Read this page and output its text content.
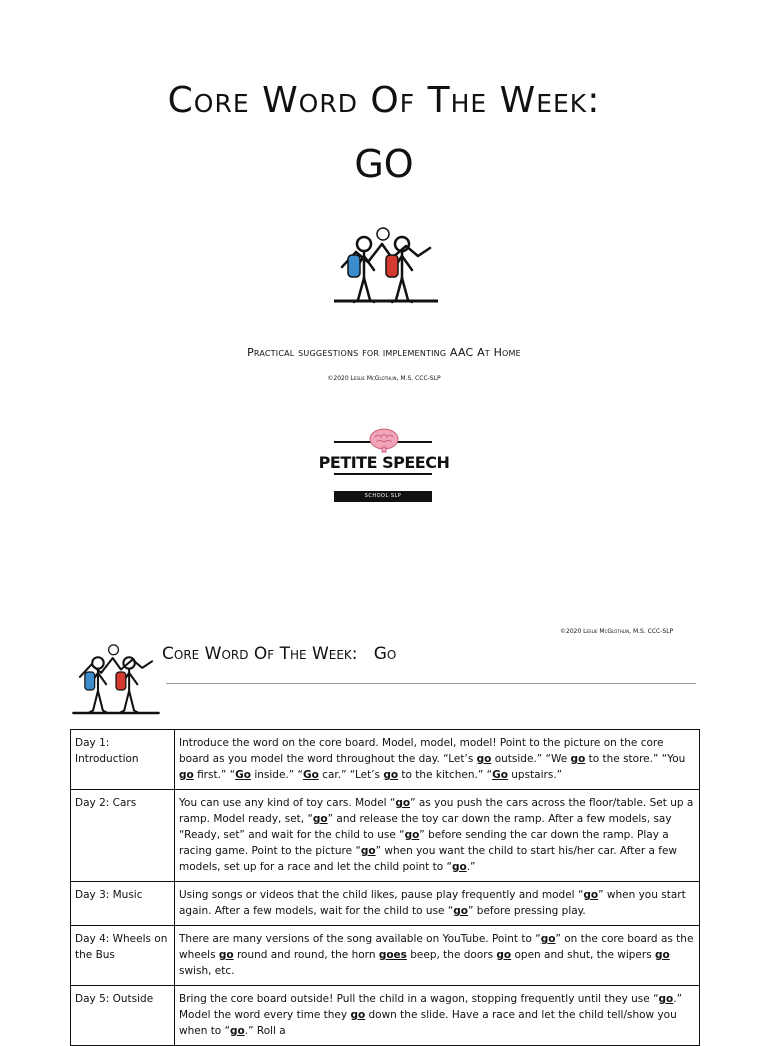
Core Word Of The Week:
GO
Practical suggestions for implementing AAC At Home
©2020 Leslie McGlothlin, M.S. CCC-SLP
PETITE SPEECH
SCHOOL SLP
©2020 Leslie McGlothlin, M.S. CCC-SLP
Core Word Of The Week:   Go
Day 1: Introduction	Introduce the word on the core board. Model, model, model! Point to the picture on the core board as you model the word throughout the day. “Let’s go outside.” “We go to the store.” “You go first.” “Go inside.” “Go car.” “Let’s go to the kitchen.” “Go upstairs.”
Day 2: Cars	You can use any kind of toy cars. Model “go” as you push the cars across the floor/table. Set up a ramp. Model ready, set, “go” and release the toy car down the ramp. After a few models, say “Ready, set” and wait for the child to use “go” before sending the car down the ramp. Play a racing game. Point to the picture “go” when you want the child to start his/her car. After a few models, set up for a race and let the child point to “go.”
Day 3: Music	Using songs or videos that the child likes, pause play frequently and model “go” when you start again. After a few models, wait for the child to use “go” before pressing play.
Day 4: Wheels on the Bus	There are many versions of the song available on YouTube. Point to “go” on the core board as the wheels go round and round, the horn goes beep, the doors go open and shut, the wipers go swish, etc.
Day 5: Outside	Bring the core board outside! Pull the child in a wagon, stopping frequently until they use “go.” Model the word every time they go down the slide. Have a race and let the child tell/show you when to “go.” Roll a
